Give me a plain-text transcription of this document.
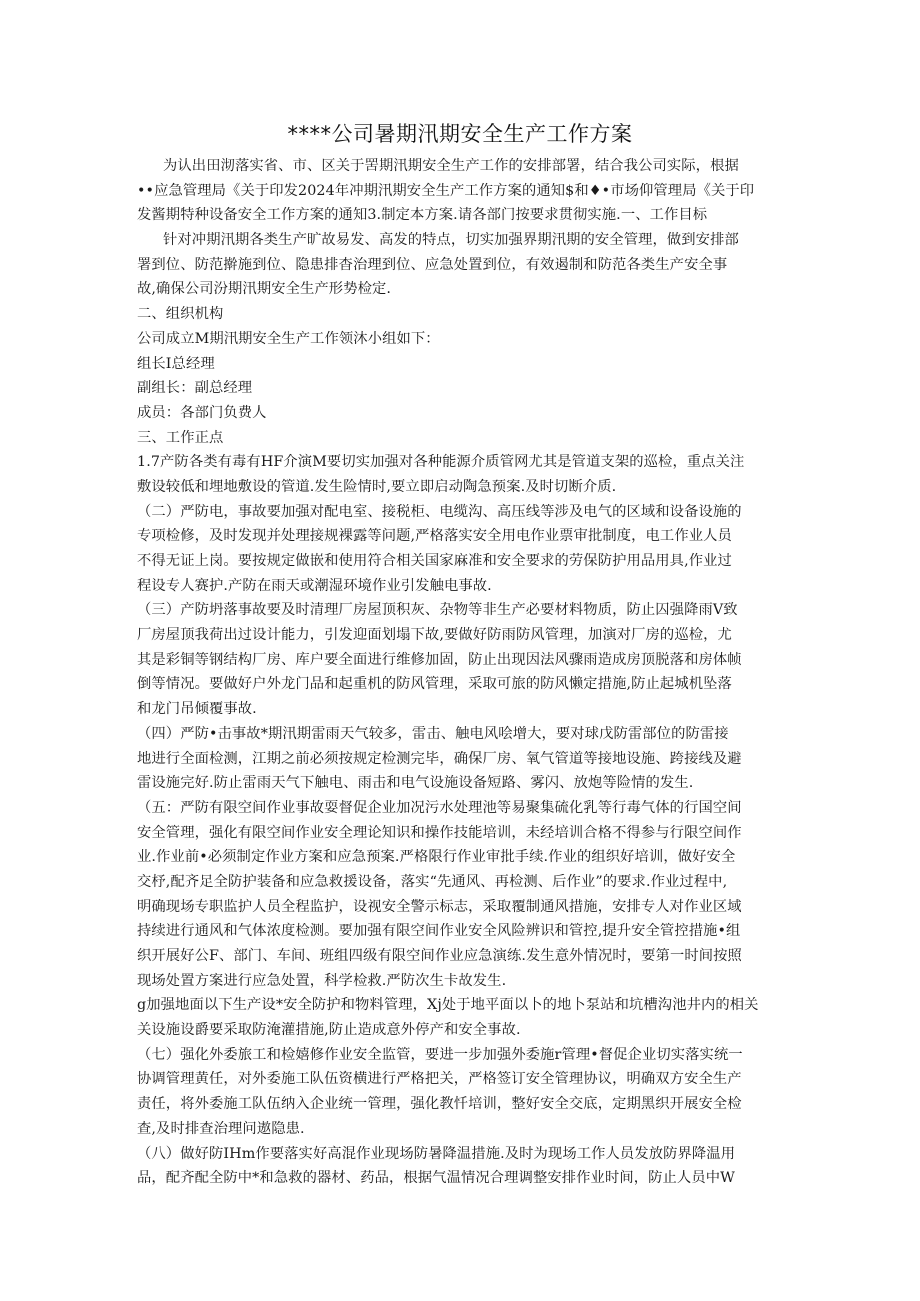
****公司暑期汛期安全生产工作方案
为认出田沏落实省、市、区关于罟期汛期安全生产工作的安排部署，结合我公司实际，根据
••应急管理局《关于印发2024年冲期汛期安全生产工作方案的通知$和♦•市场仰管理局《关于印
发酱期特种设备安全工作方案的通知3.制定本方案.请各部门按要求贯彻实施.一、工作目标
针对冲期汛期各类生产旷故易发、高发的特点，切实加强界期汛期的安全管理，做到安排部
署到位、防范擀施到位、隐患排杳治理到位、应急处置到位，有效遏制和防范各类生产安全事
故,确保公司汾期汛期安全生产形势检定.
二、组织机构
公司成立M期汛期安全生产工作领沐小组如下：
组长I总经理
副组长：副总经理
成员：各部门负费人
三、工作正点
1.7产防各类有毒有HF介演M要切实加强对各种能源介质管网尤其是管道支架的巡检，重点关注
敷设较低和埋地敷设的管道.发生险情时,要立即启动陶急预案.及时切断介质.
（二）严防电，事故要加强对配电室、接税柜、电缆沟、高压线等涉及电气的区域和设备设施的
专项检修，及时发现并处理接规裸露等问题,严格落实安全用电作业票审批制度，电工作业人员
不得无证上岗。要按规定做嵌和使用符合相关国家麻准和安全要求的劳保防护用品用具,作业过
程设专人赛护.产防在雨天或潮湿环境作业引发触电事故.
（三）产防坍落事故要及时清理厂房屋顶积灰、杂物等非生产必要材料物质，防止囚强降雨V致
厂房屋顶我荷出过设计能力，引发迎面划塌下故,要做好防雨防风管理，加演对厂房的巡检，尤
其是彩铜等钢结构厂房、库户要全面进行维修加固，防止出现因法风骤雨造成房顶脱落和房体帧
倒等情况。要做好户外龙门品和起重机的防风管理，采取可旅的防风懒定措施,防止起城机坠落
和龙门吊倾覆事故.
（四）严防•击事故*期汛期雷雨天气较多，雷击、触电风哙增大，要对球戊防雷部位的防雷接
地进行全面检测，江期之前必须按规定检测完毕，确保厂房、氧气管道等接地设施、跨接线及避
雷设施完好.防止雷雨天气下触电、雨击和电气设施设备短路、雾闪、放炮等险情的发生.
（五：严防有限空间作业事故耍督促企业加况污水处理池等易聚集硫化乳等行毒气体的行国空间
安全管理，强化有限空间作业安全理论知识和操作技能培训，未经培训合格不得参与行限空间作
业.作业前•必须制定作业方案和应急预案.严格限行作业审批手续.作业的组织好培训，做好安全
交杼,配齐足全防护装备和应急救援设备，落实“先通风、再检测、后作业”的要求.作业过程中,
明确现场专职监护人员全程监护，设视安全警示标志，采取覆制通风措施，安排专人对作业区域
持续进行通风和气体浓度检测。要加强有限空间作业安全风险辨识和管控,提升安全管控措施•组
织开展好公F、部门、车间、班组四级有限空间作业应急演练.发生意外情况时，要第一时间按照
现场处置方案进行应急处置，科学检救.严防次生卡故发生.
g加强地面以下生产设*安全防护和物料管理，Xj处于地平面以卜的地卜泵站和坑槽沟池井内的相关
关设施设爵要采取防淹灌措施,防止造成意外停产和安全事故.
（七）强化外委旅工和检嬉修作业安全监管，要进一步加强外委施r管理•督促企业切实落实统一
协调管理黄任，对外委施工队伍资横进行严格把关，严格签订安全管理协议，明确双方安全生产
责任，将外委施工队伍纳入企业统一管理，强化教忏培训，整好安全交底，定期黑织开展安全检
查,及时排查治理问遨隐患.
（八）做好防IHm作要落实好高混作业现场防暑降温措施.及时为现场工作人员发放防界降温用
品，配齐配全防中*和急救的器材、药品，根据气温情况合理调整安排作业时间，防止人员中W
